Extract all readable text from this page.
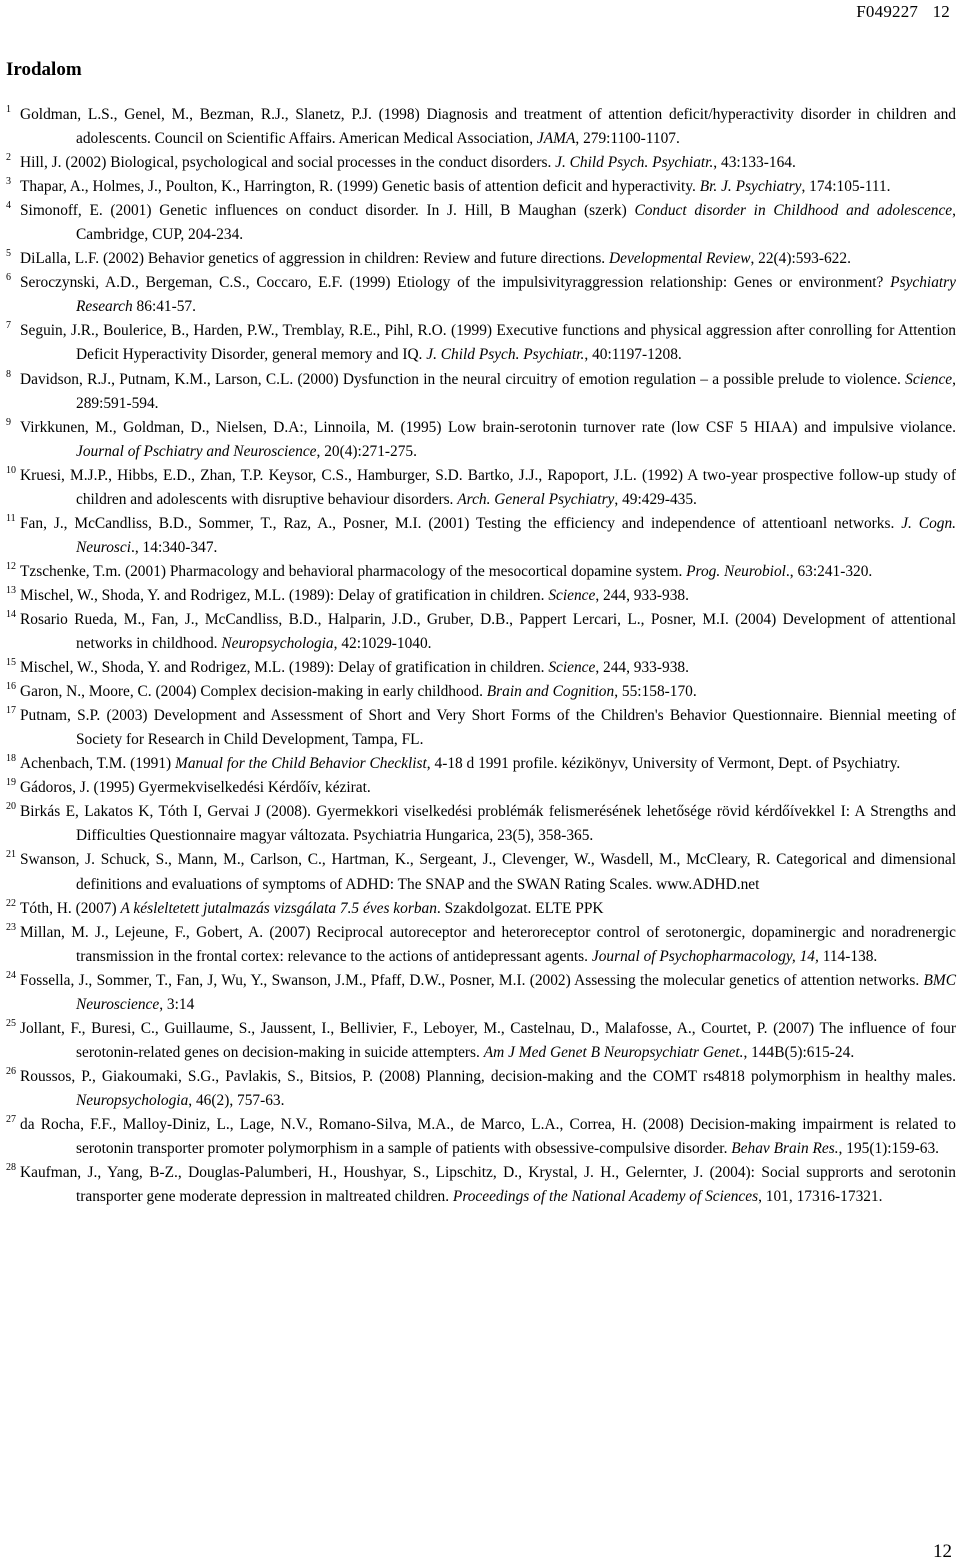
F049227 12
Irodalom
1 Goldman, L.S., Genel, M., Bezman, R.J., Slanetz, P.J. (1998) Diagnosis and treatment of attention deficit/hyperactivity disorder in children and adolescents. Council on Scientific Affairs. American Medical Association, JAMA, 279:1100-1107.
2 Hill, J. (2002) Biological, psychological and social processes in the conduct disorders. J. Child Psych. Psychiatr., 43:133-164.
3 Thapar, A., Holmes, J., Poulton, K., Harrington, R. (1999) Genetic basis of attention deficit and hyperactivity. Br. J. Psychiatry, 174:105-111.
4 Simonoff, E. (2001) Genetic influences on conduct disorder. In J. Hill, B Maughan (szerk) Conduct disorder in Childhood and adolescence, Cambridge, CUP, 204-234.
5 DiLalla, L.F. (2002) Behavior genetics of aggression in children: Review and future directions. Developmental Review, 22(4):593-622.
6 Seroczynski, A.D., Bergeman, C.S., Coccaro, E.F. (1999) Etiology of the impulsivityraggression relationship: Genes or environment? Psychiatry Research 86:41-57.
7 Seguin, J.R., Boulerice, B., Harden, P.W., Tremblay, R.E., Pihl, R.O. (1999) Executive functions and physical aggression after conrolling for Attention Deficit Hyperactivity Disorder, general memory and IQ. J. Child Psych. Psychiatr., 40:1197-1208.
8 Davidson, R.J., Putnam, K.M., Larson, C.L. (2000) Dysfunction in the neural circuitry of emotion regulation – a possible prelude to violence. Science, 289:591-594.
9 Virkkunen, M., Goldman, D., Nielsen, D.A:, Linnoila, M. (1995) Low brain-serotonin turnover rate (low CSF 5 HIAA) and impulsive violance. Journal of Pschiatry and Neuroscience, 20(4):271-275.
10 Kruesi, M.J.P., Hibbs, E.D., Zhan, T.P. Keysor, C.S., Hamburger, S.D. Bartko, J.J., Rapoport, J.L. (1992) A two-year prospective follow-up study of children and adolescents with disruptive behaviour disorders. Arch. General Psychiatry, 49:429-435.
11 Fan, J., McCandliss, B.D., Sommer, T., Raz, A., Posner, M.I. (2001) Testing the efficiency and independence of attentioanl networks. J. Cogn. Neurosci., 14:340-347.
12 Tzschenke, T.m. (2001) Pharmacology and behavioral pharmacology of the mesocortical dopamine system. Prog. Neurobiol., 63:241-320.
13 Mischel, W., Shoda, Y. and Rodrigez, M.L. (1989): Delay of gratification in children. Science, 244, 933-938.
14 Rosario Rueda, M., Fan, J., McCandliss, B.D., Halparin, J.D., Gruber, D.B., Pappert Lercari, L., Posner, M.I. (2004) Development of attentional networks in childhood. Neuropsychologia, 42:1029-1040.
15 Mischel, W., Shoda, Y. and Rodrigez, M.L. (1989): Delay of gratification in children. Science, 244, 933-938.
16 Garon, N., Moore, C. (2004) Complex decision-making in early childhood. Brain and Cognition, 55:158-170.
17 Putnam, S.P. (2003) Development and Assessment of Short and Very Short Forms of the Children's Behavior Questionnaire. Biennial meeting of Society for Research in Child Development, Tampa, FL.
18 Achenbach, T.M. (1991) Manual for the Child Behavior Checklist, 4-18 d 1991 profile. kézikönyv, University of Vermont, Dept. of Psychiatry.
19 Gádoros, J. (1995) Gyermekviselkedési Kérdőív, kézirat.
20 Birkás E, Lakatos K, Tóth I, Gervai J (2008). Gyermekkori viselkedési problémák felismerésének lehetősége rövid kérdőívekkel I: A Strengths and Difficulties Questionnaire magyar változata. Psychiatria Hungarica, 23(5), 358-365.
21 Swanson, J. Schuck, S., Mann, M., Carlson, C., Hartman, K., Sergeant, J., Clevenger, W., Wasdell, M., McCleary, R. Categorical and dimensional definitions and evaluations of symptoms of ADHD: The SNAP and the SWAN Rating Scales. www.ADHD.net
22 Tóth, H. (2007) A késleltetett jutalmazás vizsgálata 7.5 éves korban. Szakdolgozat. ELTE PPK
23 Millan, M. J., Lejeune, F., Gobert, A. (2007) Reciprocal autoreceptor and heteroreceptor control of serotonergic, dopaminergic and noradrenergic transmission in the frontal cortex: relevance to the actions of antidepressant agents. Journal of Psychopharmacology, 14, 114-138.
24 Fossella, J., Sommer, T., Fan, J, Wu, Y., Swanson, J.M., Pfaff, D.W., Posner, M.I. (2002) Assessing the molecular genetics of attention networks. BMC Neuroscience, 3:14
25 Jollant, F., Buresi, C., Guillaume, S., Jaussent, I., Bellivier, F., Leboyer, M., Castelnau, D., Malafosse, A., Courtet, P. (2007) The influence of four serotonin-related genes on decision-making in suicide attempters. Am J Med Genet B Neuropsychiatr Genet., 144B(5):615-24.
26 Roussos, P., Giakoumaki, S.G., Pavlakis, S., Bitsios, P. (2008) Planning, decision-making and the COMT rs4818 polymorphism in healthy males. Neuropsychologia, 46(2), 757-63.
27 da Rocha, F.F., Malloy-Diniz, L., Lage, N.V., Romano-Silva, M.A., de Marco, L.A., Correa, H. (2008) Decision-making impairment is related to serotonin transporter promoter polymorphism in a sample of patients with obsessive-compulsive disorder. Behav Brain Res., 195(1):159-63.
28 Kaufman, J., Yang, B-Z., Douglas-Palumberi, H., Houshyar, S., Lipschitz, D., Krystal, J. H., Gelernter, J. (2004): Social supprorts and serotonin transporter gene moderate depression in maltreated children. Proceedings of the National Academy of Sciences, 101, 17316-17321.
12
